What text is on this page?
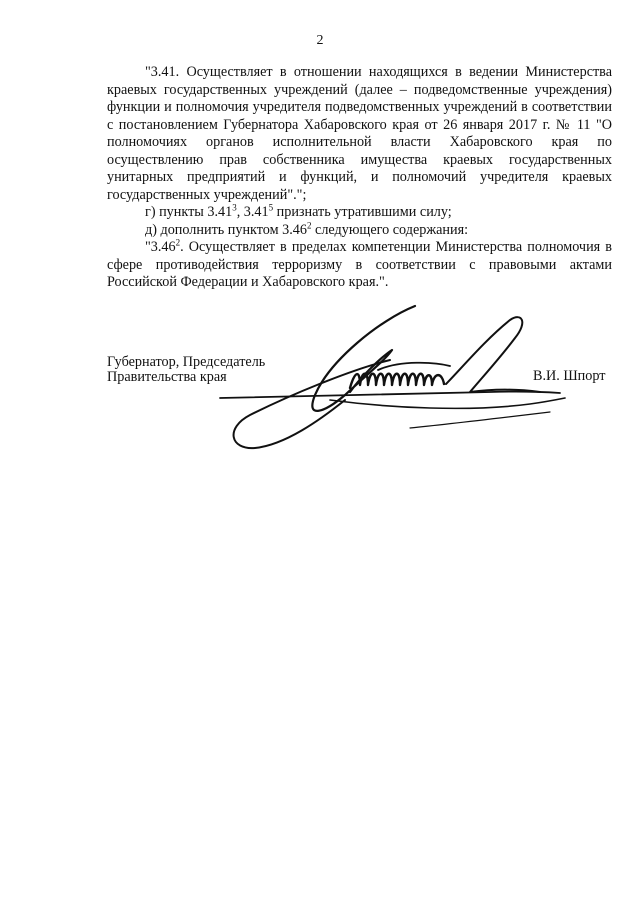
2

"3.41. Осуществляет в отношении находящихся в ведении Министерства краевых государственных учреждений (далее – подведомственные учреждения) функции и полномочия учредителя подведомственных учреждений в соответствии с постановлением Губернатора Хабаровского края от 26 января 2017 г. № 11 "О полномочиях органов исполнительной власти Хабаровского края по осуществлению прав собственника имущества краевых государственных унитарных предприятий и функций, и полномочий учредителя краевых государственных учреждений".";

г) пункты 3.41$^3$, 3.41$^5$ признать утратившими силу;

д) дополнить пунктом 3.46$^2$ следующего содержания:

"3.46$^2$. Осуществляет в пределах компетенции Министерства полномочия в сфере противодействия терроризму в соответствии с правовыми актами Российской Федерации и Хабаровского края.".

Губернатор, Председатель
Правительства края	В.И. Шпорт
